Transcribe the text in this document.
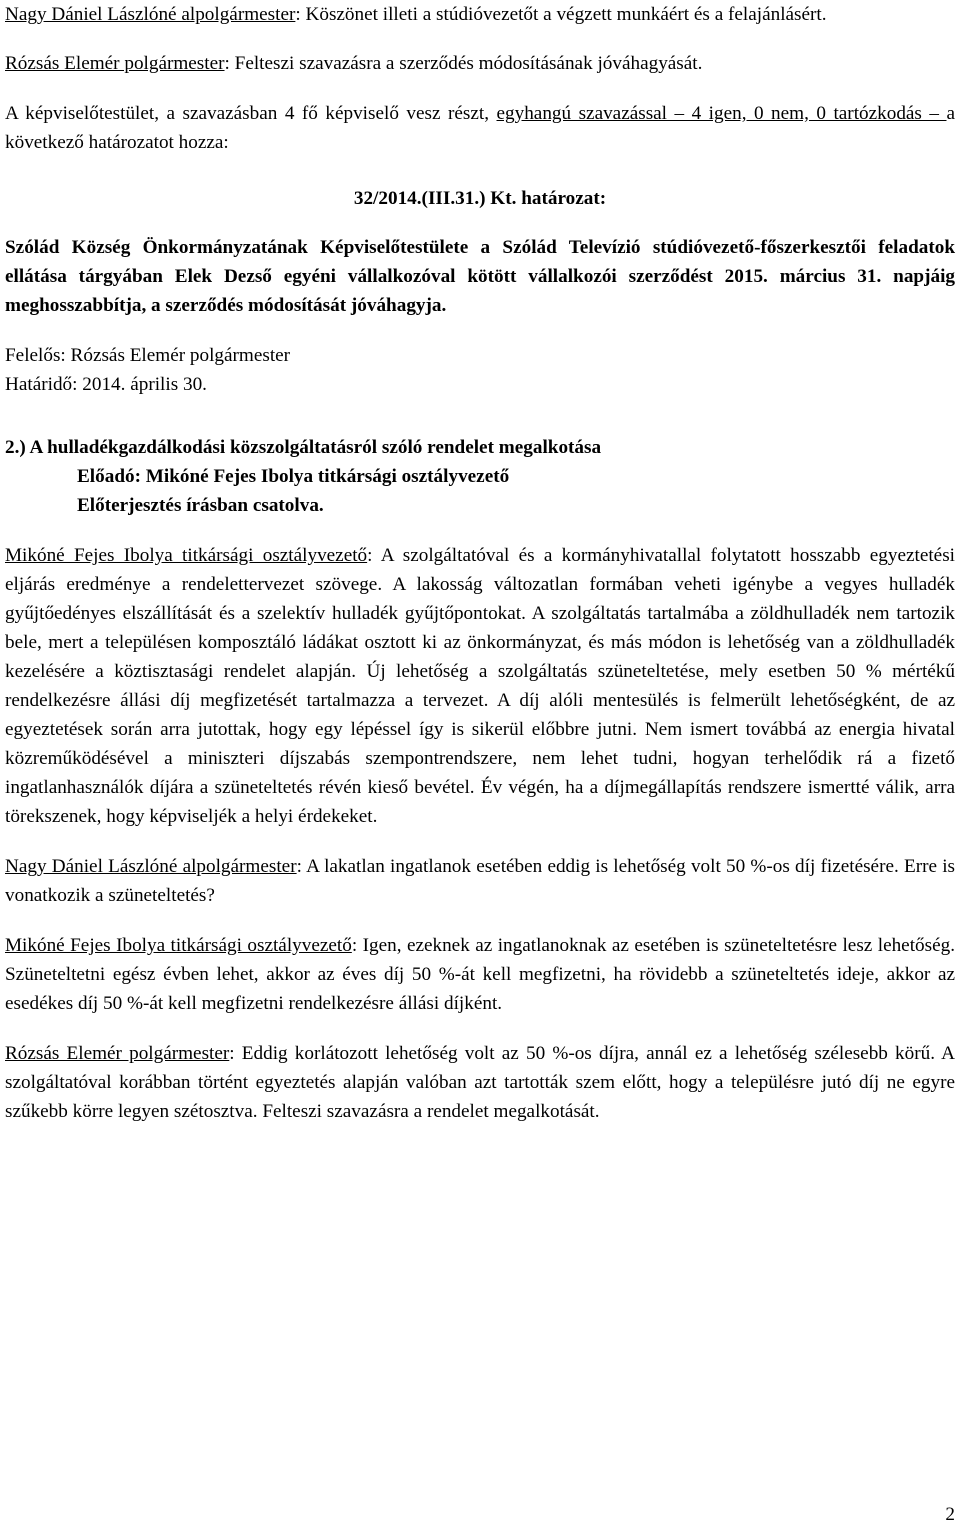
Nagy Dániel Lászlóné alpolgármester: Köszönet illeti a stúdióvezetőt a végzett munkáért és a felajánlásért.

Rózsás Elemér polgármester: Felteszi szavazásra a szerződés módosításának jóváhagyását.

A képviselőtestület, a szavazásban 4 fő képviselő vesz részt, egyhangú szavazással – 4 igen, 0 nem, 0 tartózkodás – a következő határozatot hozza:

32/2014.(III.31.) Kt. határozat:

Szólád Község Önkormányzatának Képviselőtestülete a Szólád Televízió stúdióvezető-főszerkesztői feladatok ellátása tárgyában Elek Dezső egyéni vállalkozóval kötött vállalkozói szerződést 2015. március 31. napjáig meghosszabbítja, a szerződés módosítását jóváhagyja.

Felelős: Rózsás Elemér polgármester

Határidő: 2014. április 30.

2.) A hulladékgazdálkodási közszolgáltatásról szóló rendelet megalkotása

Előadó: Mikóné Fejes Ibolya titkársági osztályvezető

Előterjesztés írásban csatolva.

Mikóné Fejes Ibolya titkársági osztályvezető: A szolgáltatóval és a kormányhivatallal folytatott hosszabb egyeztetési eljárás eredménye a rendelettervezet szövege. A lakosság változatlan formában veheti igénybe a vegyes hulladék gyűjtőedényes elszállítását és a szelektív hulladék gyűjtőpontokat. A szolgáltatás tartalmába a zöldhulladék nem tartozik bele, mert a településen komposztáló ládákat osztott ki az önkormányzat, és más módon is lehetőség van a zöldhulladék kezelésére a köztisztasági rendelet alapján. Új lehetőség a szolgáltatás szüneteltetése, mely esetben 50 % mértékű rendelkezésre állási díj megfizetését tartalmazza a tervezet. A díj alóli mentesülés is felmerült lehetőségként, de az egyeztetések során arra jutottak, hogy egy lépéssel így is sikerül előbbre jutni. Nem ismert továbbá az energia hivatal közreműködésével a miniszteri díjszabás szempontrendszere, nem lehet tudni, hogyan terhelődik rá a fizető ingatlanhasználók díjára a szüneteltetés révén kieső bevétel. Év végén, ha a díjmegállapítás rendszere ismertté válik, arra törekszenek, hogy képviseljék a helyi érdekeket.

Nagy Dániel Lászlóné alpolgármester: A lakatlan ingatlanok esetében eddig is lehetőség volt 50 %-os díj fizetésére. Erre is vonatkozik a szüneteltetés?

Mikóné Fejes Ibolya titkársági osztályvezető: Igen, ezeknek az ingatlanoknak az esetében is szüneteltetésre lesz lehetőség. Szüneteltetni egész évben lehet, akkor az éves díj 50 %-át kell megfizetni, ha rövidebb a szüneteltetés ideje, akkor az esedékes díj 50 %-át kell megfizetni rendelkezésre állási díjként.

Rózsás Elemér polgármester: Eddig korlátozott lehetőség volt az 50 %-os díjra, annál ez a lehetőség szélesebb körű. A szolgáltatóval korábban történt egyeztetés alapján valóban azt tartották szem előtt, hogy a településre jutó díj ne egyre szűkebb körre legyen szétosztva. Felteszi szavazásra a rendelet megalkotását.

2
